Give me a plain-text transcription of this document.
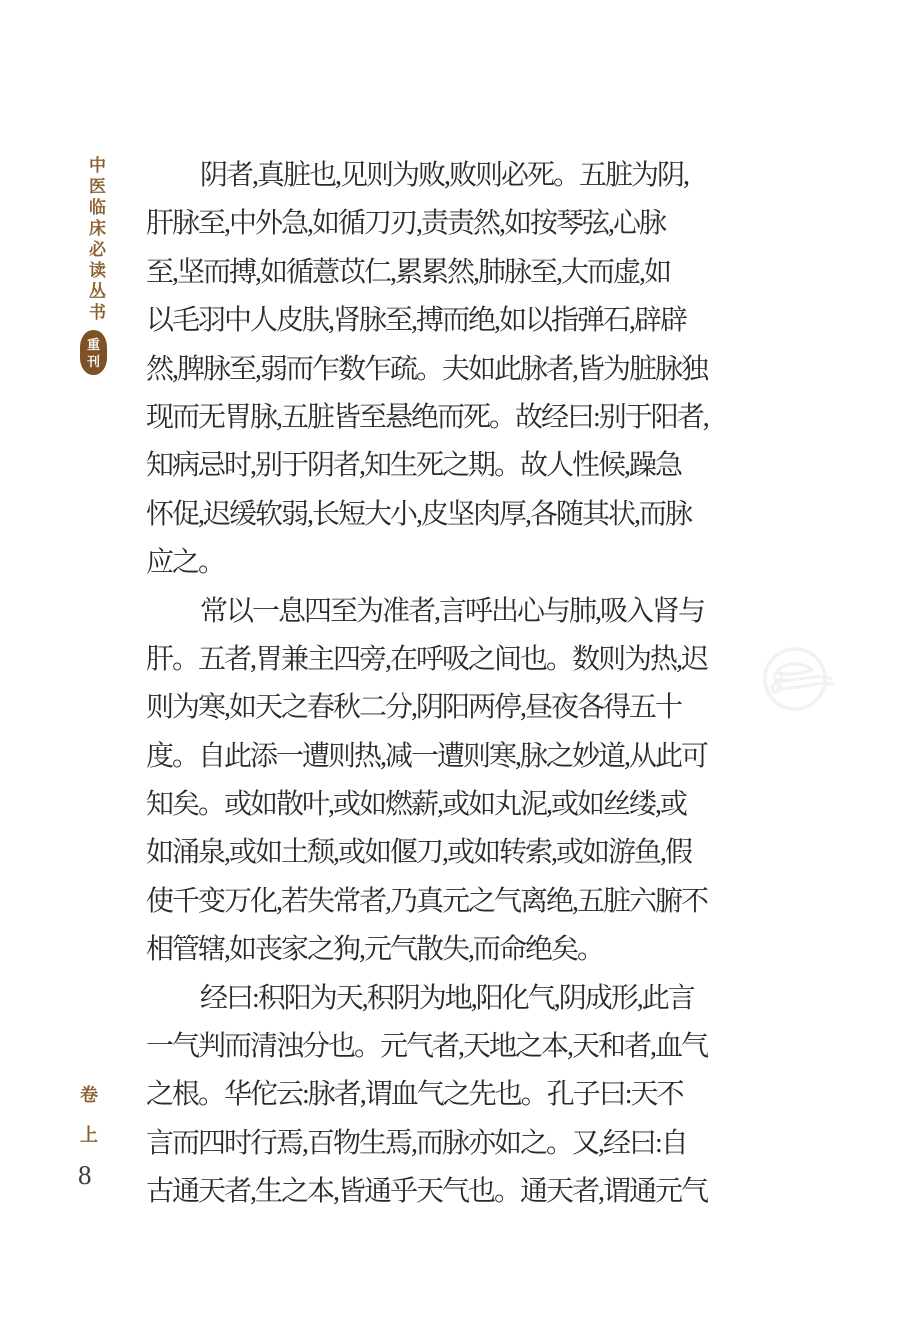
中医临床必读丛书
重
刊
阴者,真脏也,见则为败,败则必死。五脏为阴,
肝脉至,中外急,如循刀刃,责责然,如按琴弦,心脉
至,坚而搏,如循薏苡仁,累累然,肺脉至,大而虚,如
以毛羽中人皮肤,肾脉至,搏而绝,如以指弹石,辟辟
然,脾脉至,弱而乍数乍疏。夫如此脉者,皆为脏脉独
现而无胃脉,五脏皆至悬绝而死。故经曰:别于阳者,
知病忌时,别于阴者,知生死之期。故人性候,躁急
怀促,迟缓软弱,长短大小,皮坚肉厚,各随其状,而脉
应之。
常以一息四至为准者,言呼出心与肺,吸入肾与
肝。五者,胃兼主四旁,在呼吸之间也。数则为热,迟
则为寒,如天之春秋二分,阴阳两停,昼夜各得五十
度。自此添一遭则热,减一遭则寒,脉之妙道,从此可
知矣。或如散叶,或如燃薪,或如丸泥,或如丝缕,或
如涌泉,或如土颓,或如偃刀,或如转索,或如游鱼,假
使千变万化,若失常者,乃真元之气离绝,五脏六腑不
相管辖,如丧家之狗,元气散失,而命绝矣。
经曰:积阳为天,积阴为地,阳化气,阴成形,此言
一气判而清浊分也。元气者,天地之本,天和者,血气
之根。华佗云:脉者,谓血气之先也。孔子曰:天不
言而四时行焉,百物生焉,而脉亦如之。又,经曰:自
古通天者,生之本,皆通乎天气也。通天者,谓通元气
卷
上
8
